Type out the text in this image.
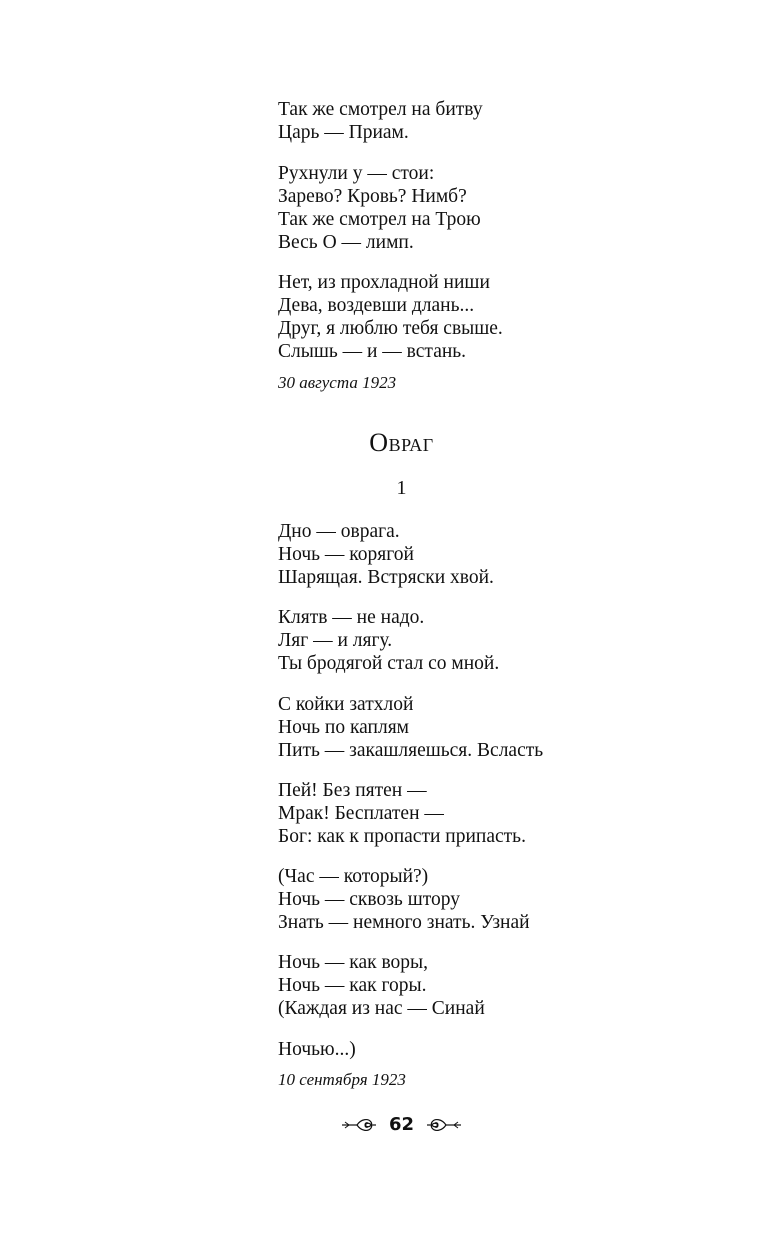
Так же смотрел на битву
Царь — Приам.
Рухнули у — стои:
Зарево? Кровь? Нимб?
Так же смотрел на Трою
Весь О — лимп.
Нет, из прохладной ниши
Дева, воздевши длань...
Друг, я люблю тебя свыше.
Слышь — и — встань.
30 августа 1923
Овраг
1
Дно — оврага.
Ночь — корягой
Шарящая. Встряски хвой.
Клятв — не надо.
Ляг — и лягу.
Ты бродягой стал со мной.
С койки затхлой
Ночь по каплям
Пить — закашляешься. Всласть
Пей! Без пятен —
Мрак! Бесплатен —
Бог: как к пропасти припасть.
(Час — который?)
Ночь — сквозь штору
Знать — немного знать. Узнай
Ночь — как воры,
Ночь — как горы.
(Каждая из нас — Синай
Ночью...)
10 сентября 1923
62
